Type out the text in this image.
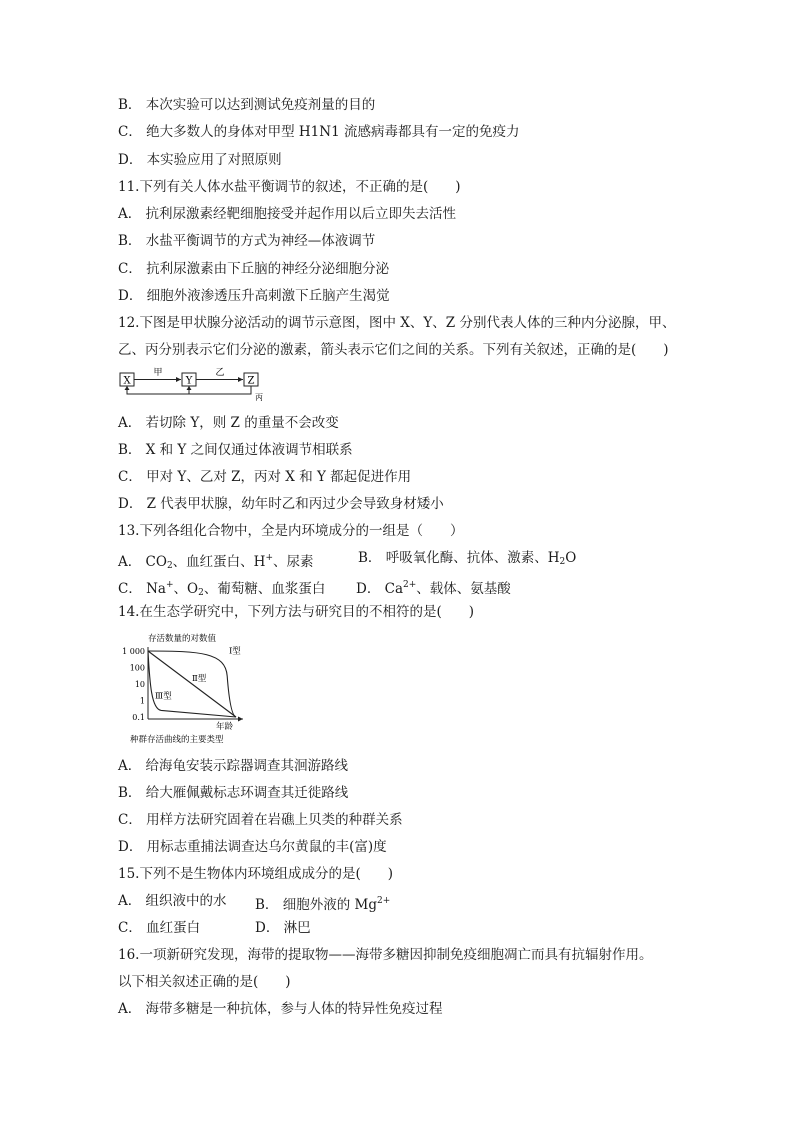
B． 本次实验可以达到测试免疫剂量的目的
C． 绝大多数人的身体对甲型 H1N1 流感病毒都具有一定的免疫力
D． 本实验应用了对照原则
11.下列有关人体水盐平衡调节的叙述，不正确的是(　　)
A． 抗利尿激素经靶细胞接受并起作用以后立即失去活性
B． 水盐平衡调节的方式为神经—体液调节
C． 抗利尿激素由下丘脑的神经分泌细胞分泌
D． 细胞外液渗透压升高刺激下丘脑产生渴觉
12.下图是甲状腺分泌活动的调节示意图，图中 X、Y、Z 分别代表人体的三种内分泌腺，甲、
乙、丙分别表示它们分泌的激素，箭头表示它们之间的关系。下列有关叙述，正确的是(　　)
X
甲
Y
乙
Z
丙
A． 若切除 Y，则 Z 的重量不会改变
B． X 和 Y 之间仅通过体液调节相联系
C． 甲对 Y、乙对 Z，丙对 X 和 Y 都起促进作用
D． Z 代表甲状腺，幼年时乙和丙过少会导致身材矮小
13.下列各组化合物中，全是内环境成分的一组是（　　）
A． $CO_2$、血红蛋白、H+、尿素	B． 呼吸氧化酶、抗体、激素、$H_2O$
C． Na+、$O_2$、葡萄糖、血浆蛋白 D． $Ca^{2+}$、载体、氨基酸
14.在生态学研究中，下列方法与研究目的不相符的是(　　)
存活数量的对数值
1 000
100
10
1
0.1
Ⅰ型
Ⅱ型
Ⅲ型
年龄
种群存活曲线的主要类型
A． 给海龟安装示踪器调查其洄游路线
B． 给大雁佩戴标志环调查其迁徙路线
C． 用样方法研究固着在岩礁上贝类的种群关系
D． 用标志重捕法调查达乌尔黄鼠的丰(富)度
15.下列不是生物体内环境组成成分的是(　　)
A． 组织液中的水 B． 细胞外液的 $Mg^{2+}$
C． 血红蛋白	D． 淋巴
16.一项新研究发现，海带的提取物——海带多糖因抑制免疫细胞凋亡而具有抗辐射作用。
以下相关叙述正确的是(　　)
A． 海带多糖是一种抗体，参与人体的特异性免疫过程
